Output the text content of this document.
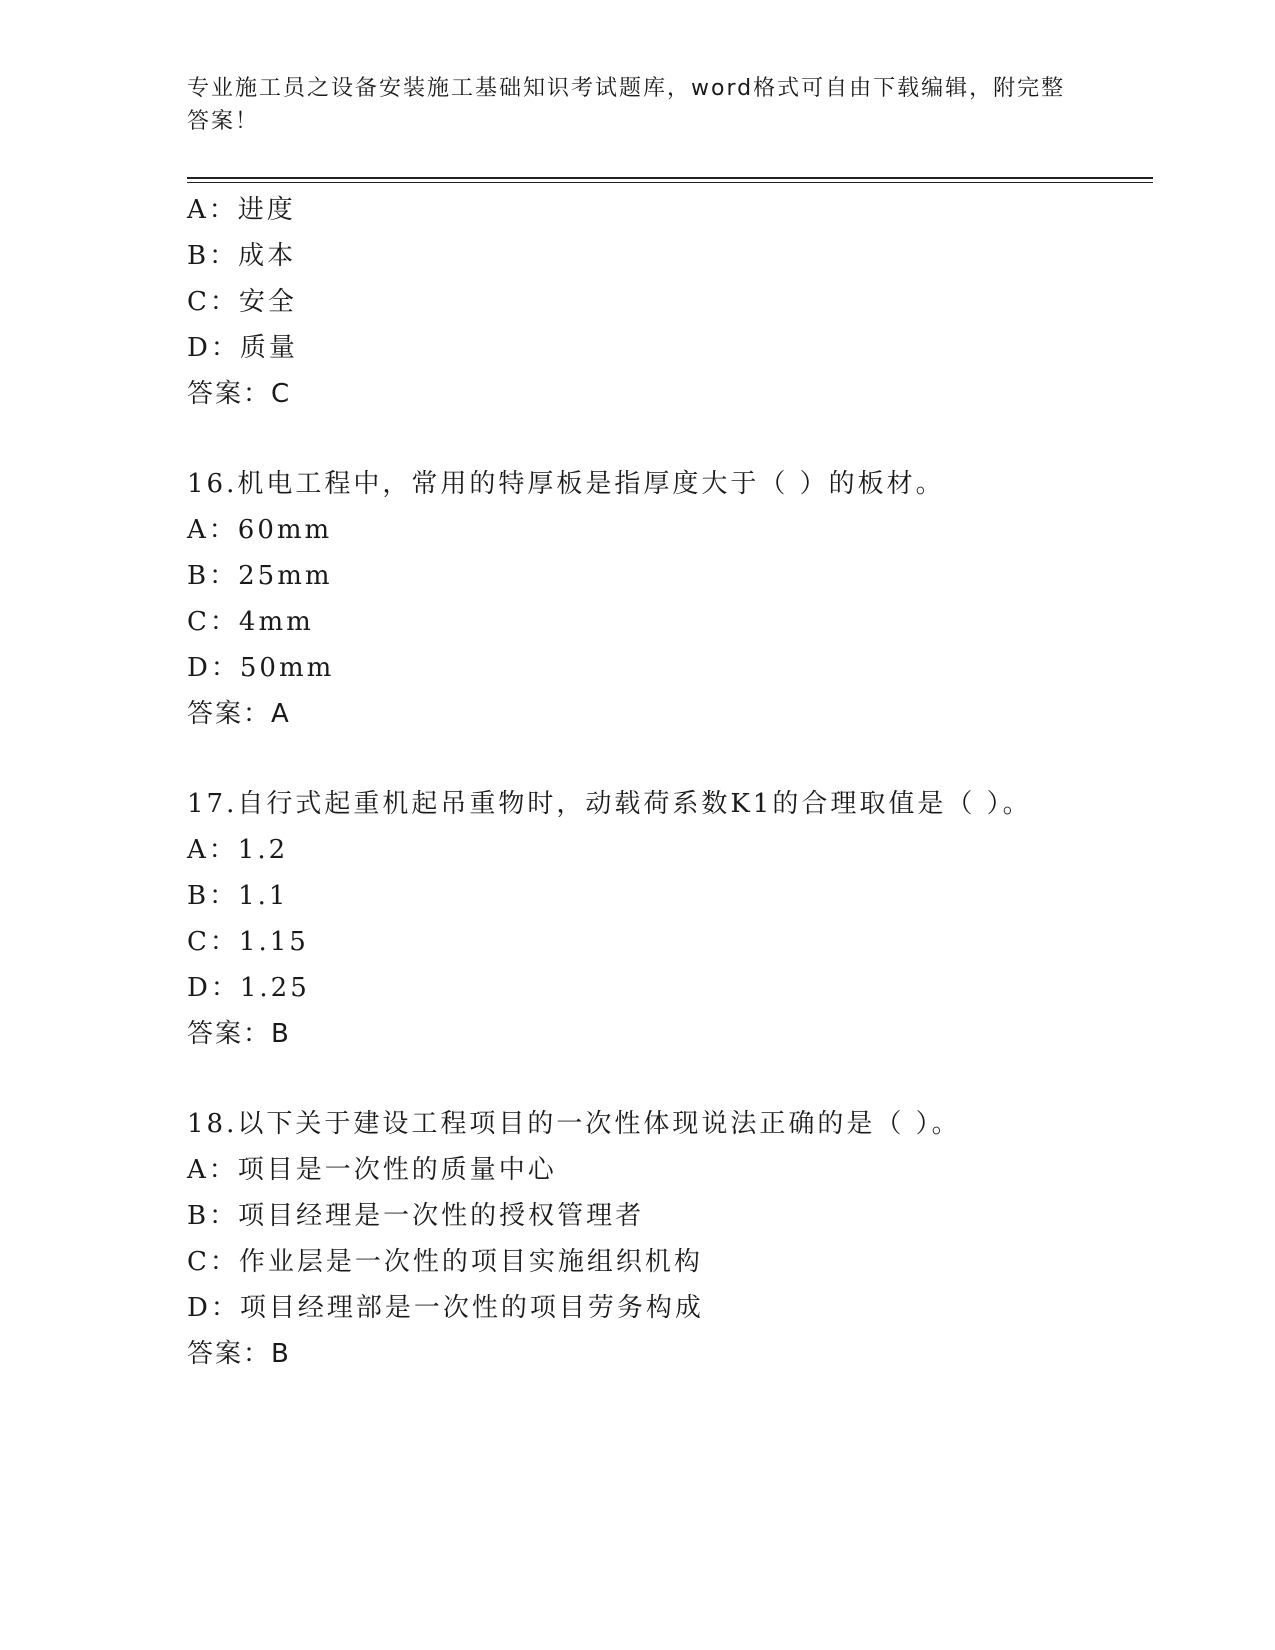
专业施工员之设备安装施工基础知识考试题库，word格式可自由下载编辑，附完整答案！
A：进度
B：成本
C：安全
D：质量
答案：C
16.机电工程中，常用的特厚板是指厚度大于（ ）的板材。
A：60mm
B：25mm
C：4mm
D：50mm
答案：A
17.自行式起重机起吊重物时，动载荷系数K1的合理取值是（ ）。
A：1.2
B：1.1
C：1.15
D：1.25
答案：B
18.以下关于建设工程项目的一次性体现说法正确的是（ ）。
A：项目是一次性的质量中心
B：项目经理是一次性的授权管理者
C：作业层是一次性的项目实施组织机构
D：项目经理部是一次性的项目劳务构成
答案：B
